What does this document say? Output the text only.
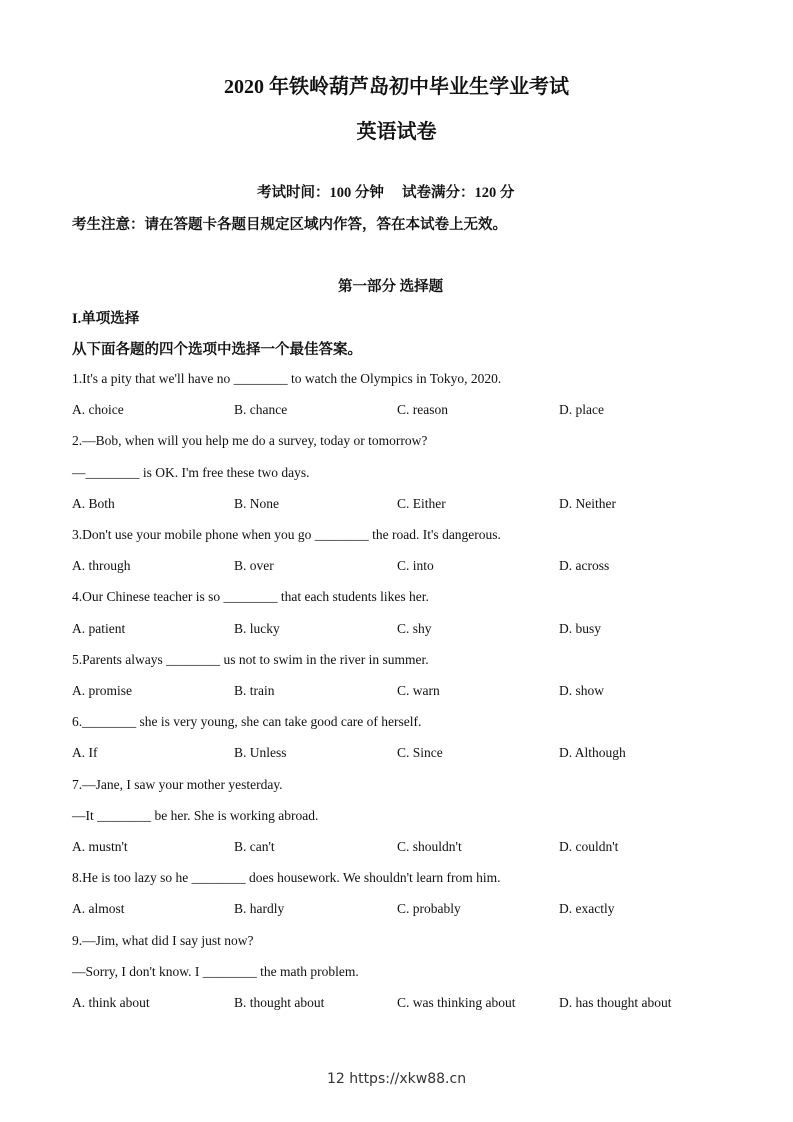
2020 年铁岭葫芦岛初中毕业生学业考试
英语试卷
考试时间：100 分钟　 试卷满分：120 分
考生注意：请在答题卡各题目规定区域内作答，答在本试卷上无效。
第一部分 选择题
I.单项选择
从下面各题的四个选项中选择一个最佳答案。
1.It's a pity that we'll have no ________ to watch the Olympics in Tokyo, 2020.
A. choice	B. chance	C. reason	D. place
2.—Bob, when will you help me do a survey, today or tomorrow?
—________ is OK. I'm free these two days.
A. Both	B. None	C. Either	D. Neither
3.Don't use your mobile phone when you go ________ the road. It's dangerous.
A. through	B. over	C. into	D. across
4.Our Chinese teacher is so ________ that each students likes her.
A. patient	B. lucky	C. shy	D. busy
5.Parents always ________ us not to swim in the river in summer.
A. promise	B. train	C. warn	D. show
6.________ she is very young, she can take good care of herself.
A. If	B. Unless	C. Since	D. Although
7.—Jane, I saw your mother yesterday.
—It ________ be her. She is working abroad.
A. mustn't	B. can't	C. shouldn't	D. couldn't
8.He is too lazy so he ________ does housework. We shouldn't learn from him.
A. almost	B. hardly	C. probably	D. exactly
9.—Jim, what did I say just now?
—Sorry, I don't know. I ________ the math problem.
A. think about	B. thought about	C. was thinking about	D. has thought about
12 https://xkw88.cn
